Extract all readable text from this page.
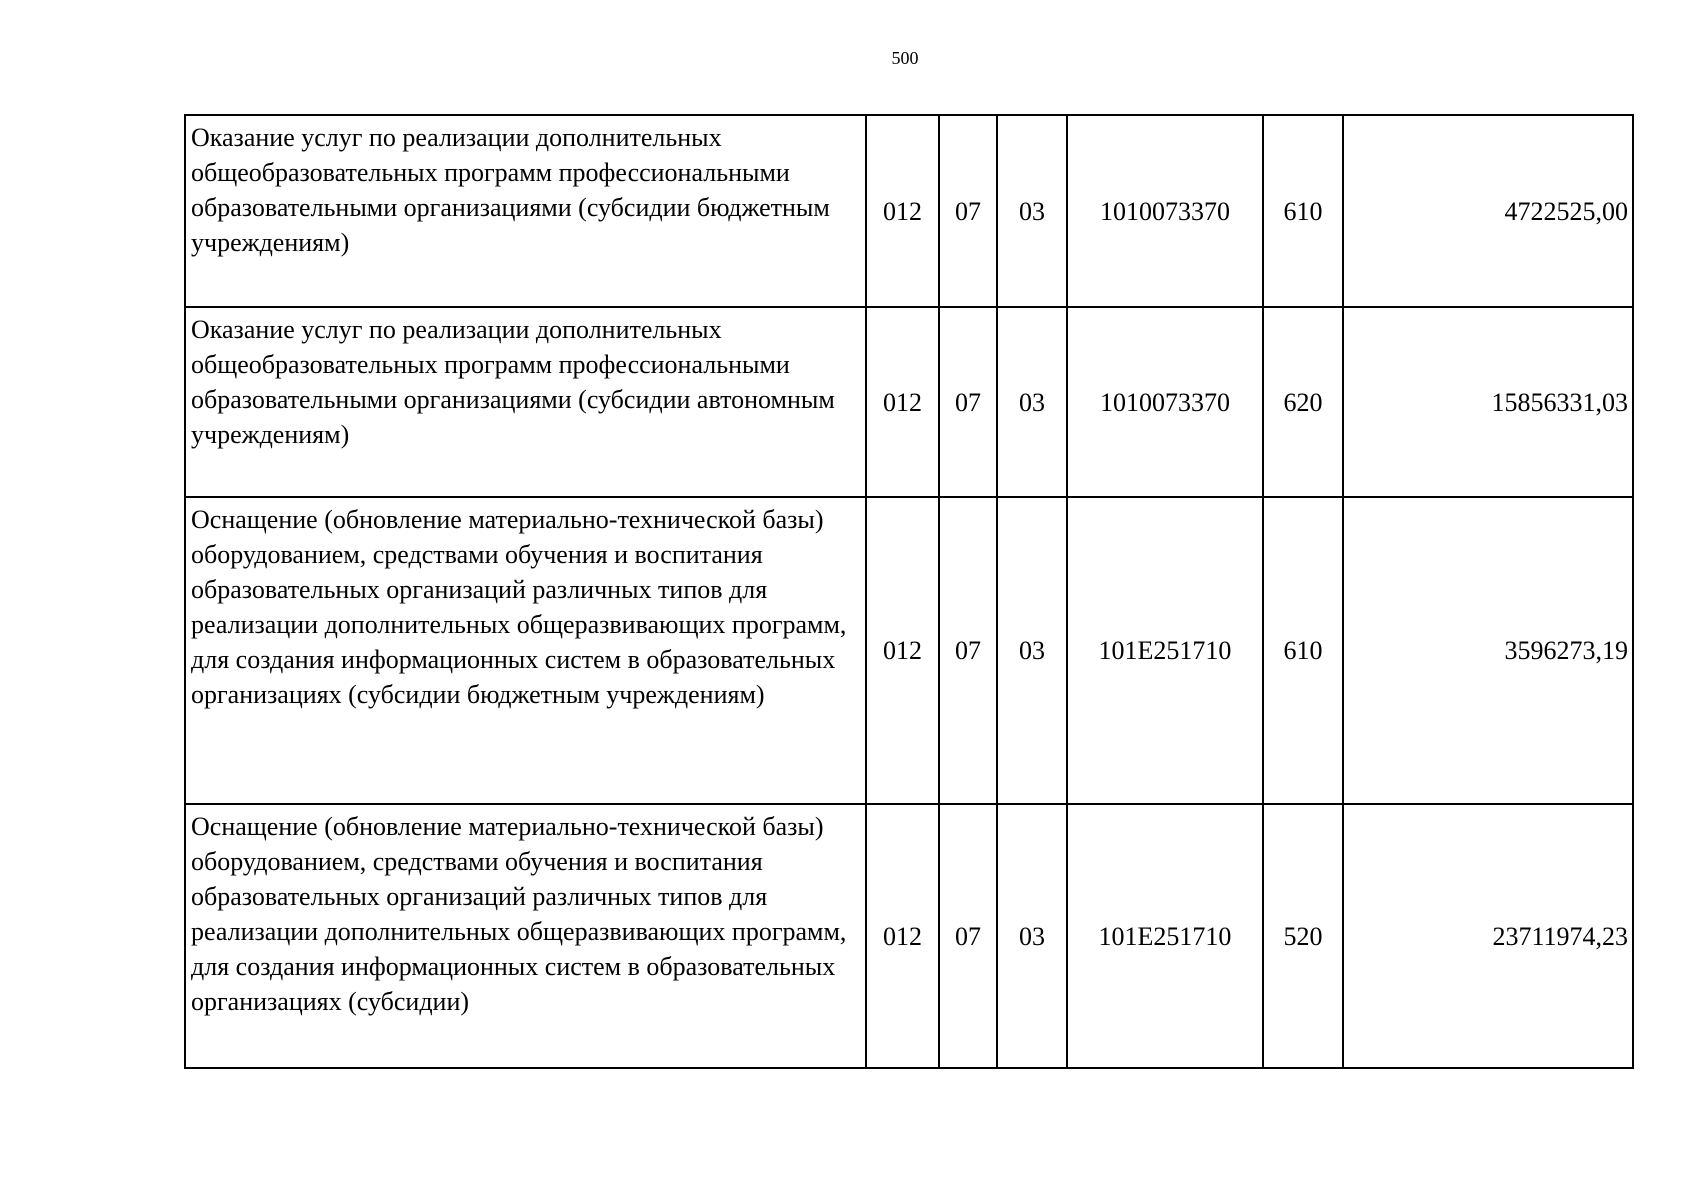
500
Оказание услуг по реализации дополнительных общеобразовательных программ профессиональными образовательными организациями (субсидии бюджетным учреждениям)	012	07	03	1010073370	610	4722525,00
Оказание услуг по реализации дополнительных общеобразовательных программ профессиональными образовательными организациями (субсидии автономным учреждениям)	012	07	03	1010073370	620	15856331,03
Оснащение (обновление материально-технической базы) оборудованием, средствами обучения и воспитания образовательных организаций различных типов для реализации дополнительных общеразвивающих программ, для создания информационных систем в образовательных организациях (субсидии бюджетным учреждениям)	012	07	03	101E251710	610	3596273,19
Оснащение (обновление материально-технической базы) оборудованием, средствами обучения и воспитания образовательных организаций различных типов для реализации дополнительных общеразвивающих программ, для создания информационных систем в образовательных организациях (субсидии)	012	07	03	101E251710	520	23711974,23
